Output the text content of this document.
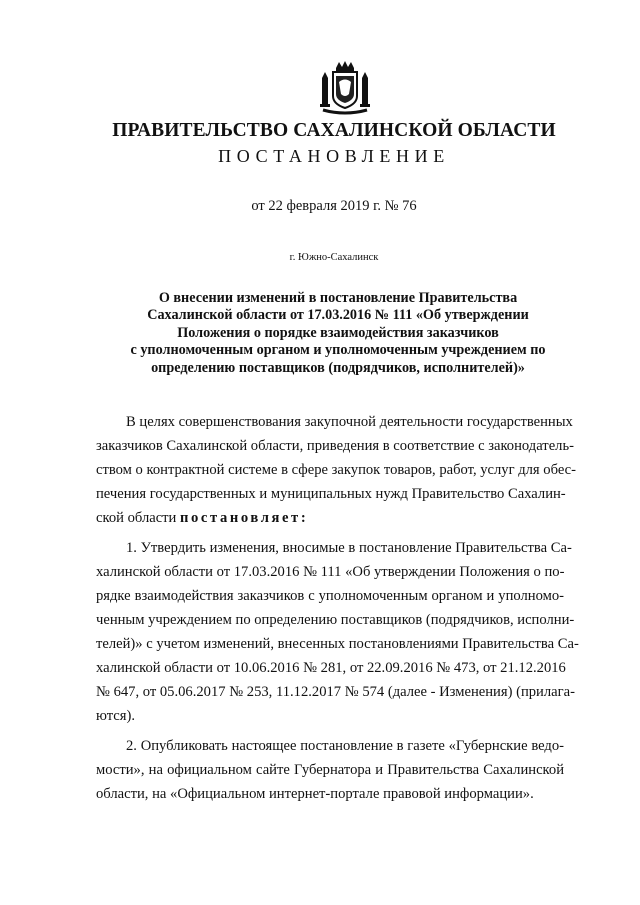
ПРАВИТЕЛЬСТВО САХАЛИНСКОЙ ОБЛАСТИ
ПОСТАНОВЛЕНИЕ
от 22 февраля 2019 г. № 76
г. Южно-Сахалинск
О внесении изменений в постановление Правительства
Сахалинской области от 17.03.2016 № 111 «Об утверждении
Положения о порядке взаимодействия заказчиков
с уполномоченным органом и уполномоченным учреждением по
определению поставщиков (подрядчиков, исполнителей)»
В целях совершенствования закупочной деятельности государственных
заказчиков Сахалинской области, приведения в соответствие с законодатель-
ством о контрактной системе в сфере закупок товаров, работ, услуг для обес-
печения государственных и муниципальных нужд Правительство Сахалин-
ской области постановляет:
1. Утвердить изменения, вносимые в постановление Правительства Са-
халинской области от 17.03.2016 № 111 «Об утверждении Положения о по-
рядке взаимодействия заказчиков с уполномоченным органом и уполномо-
ченным учреждением по определению поставщиков (подрядчиков, исполни-
телей)» с учетом изменений, внесенных постановлениями Правительства Са-
халинской области от 10.06.2016 № 281, от 22.09.2016 № 473, от 21.12.2016
№ 647, от 05.06.2017 № 253, 11.12.2017 № 574 (далее - Изменения) (прилага-
ются).
2. Опубликовать настоящее постановление в газете «Губернские ведо-
мости», на официальном сайте Губернатора и Правительства Сахалинской
области, на «Официальном интернет-портале правовой информации».
